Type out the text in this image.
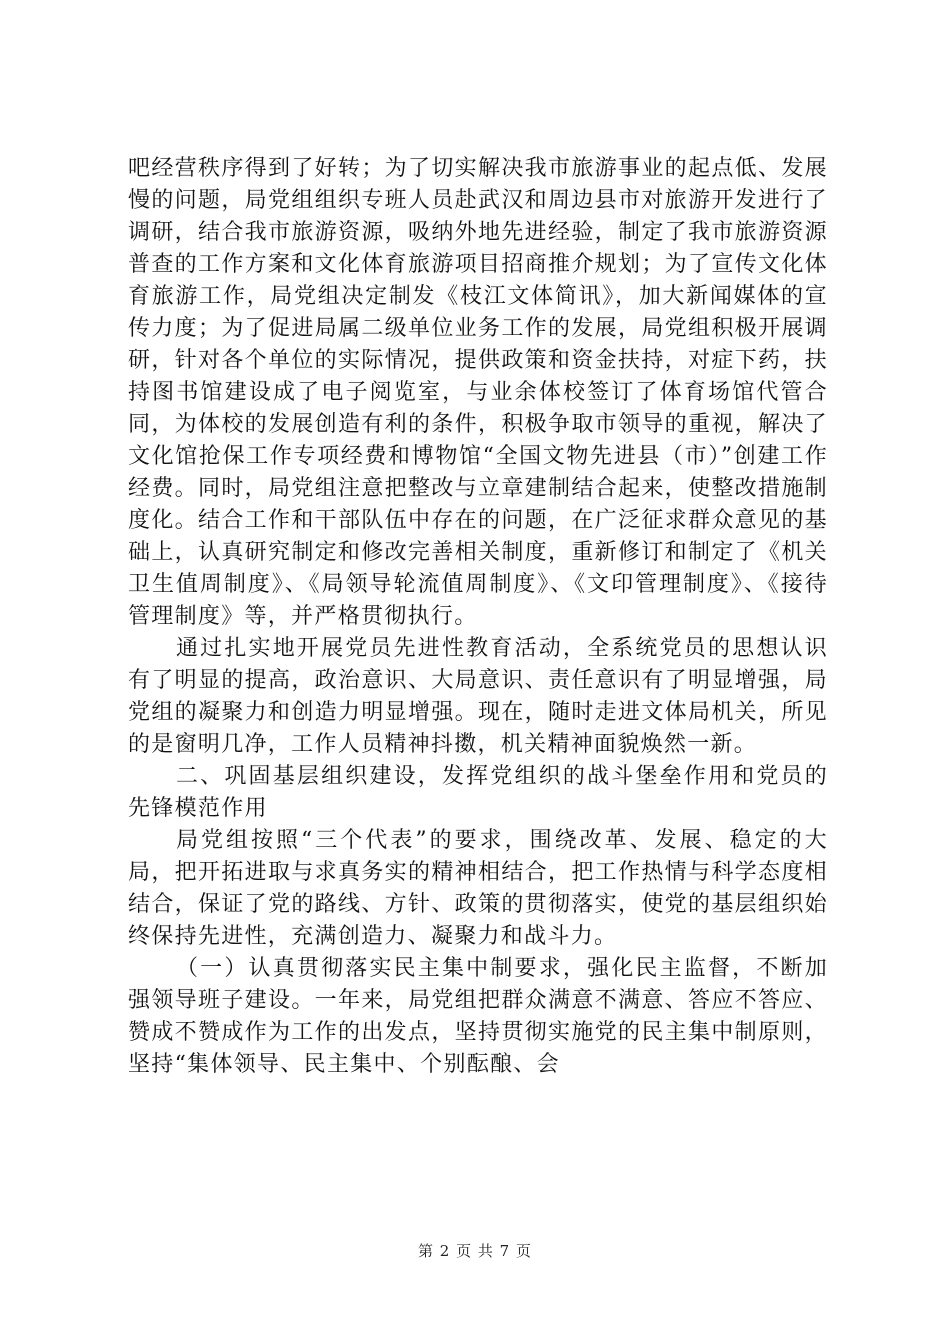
吧经营秩序得到了好转；为了切实解决我市旅游事业的起点低、发展慢的问题，局党组组织专班人员赴武汉和周边县市对旅游开发进行了调研，结合我市旅游资源，吸纳外地先进经验，制定了我市旅游资源普查的工作方案和文化体育旅游项目招商推介规划；为了宣传文化体育旅游工作，局党组决定制发《枝江文体简讯》，加大新闻媒体的宣传力度；为了促进局属二级单位业务工作的发展，局党组积极开展调研，针对各个单位的实际情况，提供政策和资金扶持，对症下药，扶持图书馆建设成了电子阅览室，与业余体校签订了体育场馆代管合同，为体校的发展创造有利的条件，积极争取市领导的重视，解决了文化馆抢保工作专项经费和博物馆“全国文物先进县（市）”创建工作经费。同时，局党组注意把整改与立章建制结合起来，使整改措施制度化。结合工作和干部队伍中存在的问题，在广泛征求群众意见的基础上，认真研究制定和修改完善相关制度，重新修订和制定了《机关卫生值周制度》、《局领导轮流值周制度》、《文印管理制度》、《接待管理制度》等，并严格贯彻执行。

通过扎实地开展党员先进性教育活动，全系统党员的思想认识有了明显的提高，政治意识、大局意识、责任意识有了明显增强，局党组的凝聚力和创造力明显增强。现在，随时走进文体局机关，所见的是窗明几净，工作人员精神抖擞，机关精神面貌焕然一新。

二、巩固基层组织建设，发挥党组织的战斗堡垒作用和党员的先锋模范作用

局党组按照“三个代表”的要求，围绕改革、发展、稳定的大局，把开拓进取与求真务实的精神相结合，把工作热情与科学态度相结合，保证了党的路线、方针、政策的贯彻落实，使党的基层组织始终保持先进性，充满创造力、凝聚力和战斗力。

（一）认真贯彻落实民主集中制要求，强化民主监督，不断加强领导班子建设。一年来，局党组把群众满意不满意、答应不答应、赞成不赞成作为工作的出发点，坚持贯彻实施党的民主集中制原则，坚持“集体领导、民主集中、个别酝酿、会

第 2 页 共 7 页
